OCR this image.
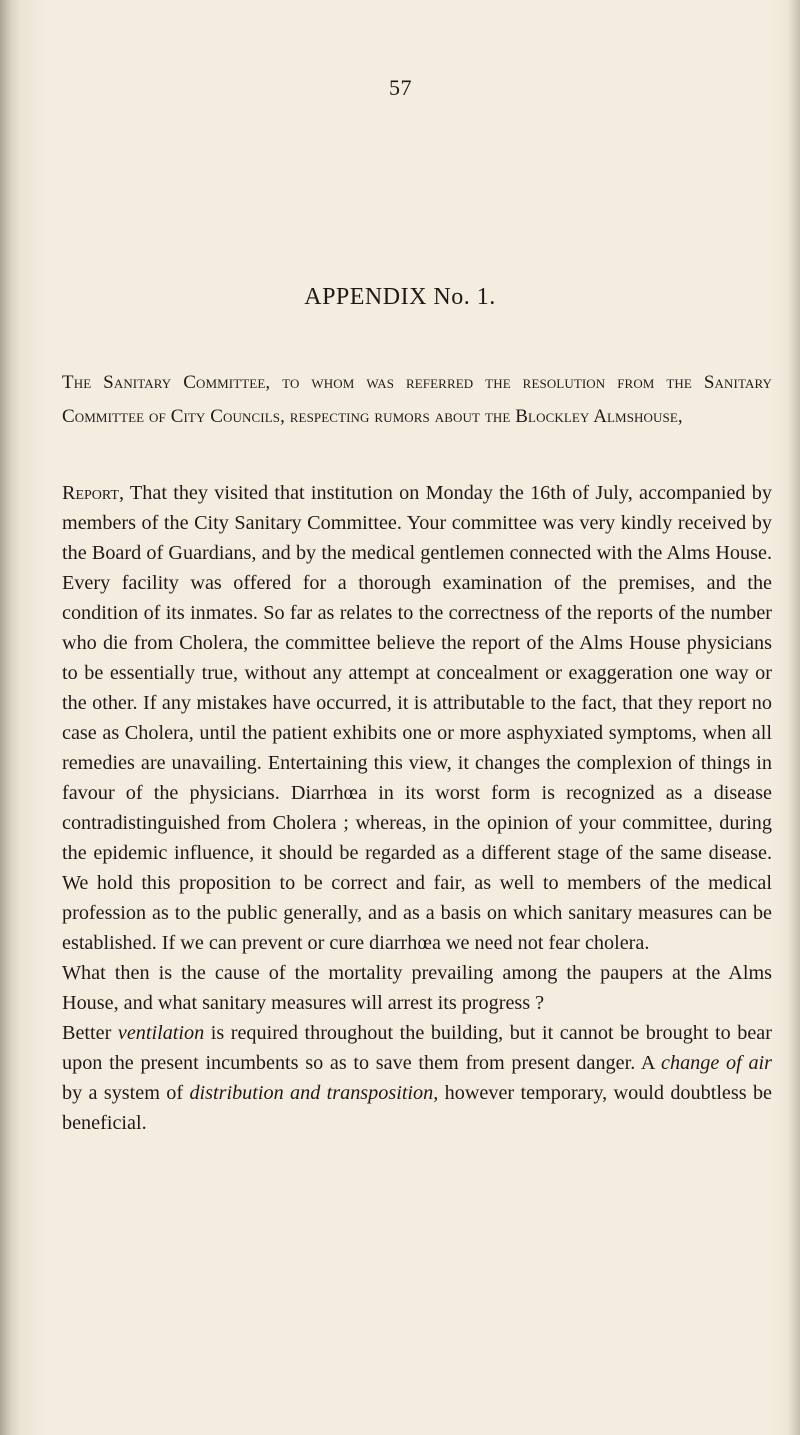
57
APPENDIX No. 1.
The Sanitary Committee, to whom was referred the resolution from the Sanitary Committee of City Councils, respecting rumors about the Blockley Almshouse,

Report, That they visited that institution on Monday the 16th of July, accompanied by members of the City Sanitary Committee. Your committee was very kindly received by the Board of Guardians, and by the medical gentlemen connected with the Alms House. Every facility was offered for a thorough examination of the premises, and the condition of its inmates. So far as relates to the correctness of the reports of the number who die from Cholera, the committee believe the report of the Alms House physicians to be essentially true, without any attempt at concealment or exaggeration one way or the other. If any mistakes have occurred, it is attributable to the fact, that they report no case as Cholera, until the patient exhibits one or more asphyxiated symptoms, when all remedies are unavailing. Entertaining this view, it changes the complexion of things in favour of the physicians. Diarrhœa in its worst form is recognized as a disease contradistinguished from Cholera ; whereas, in the opinion of your committee, during the epidemic influence, it should be regarded as a different stage of the same disease. We hold this proposition to be correct and fair, as well to members of the medical profession as to the public generally, and as a basis on which sanitary measures can be established. If we can prevent or cure diarrhœa we need not fear cholera.

What then is the cause of the mortality prevailing among the paupers at the Alms House, and what sanitary measures will arrest its progress ?

Better ventilation is required throughout the building, but it cannot be brought to bear upon the present incumbents so as to save them from present danger. A change of air by a system of distribution and transposition, however temporary, would doubtless be beneficial.
